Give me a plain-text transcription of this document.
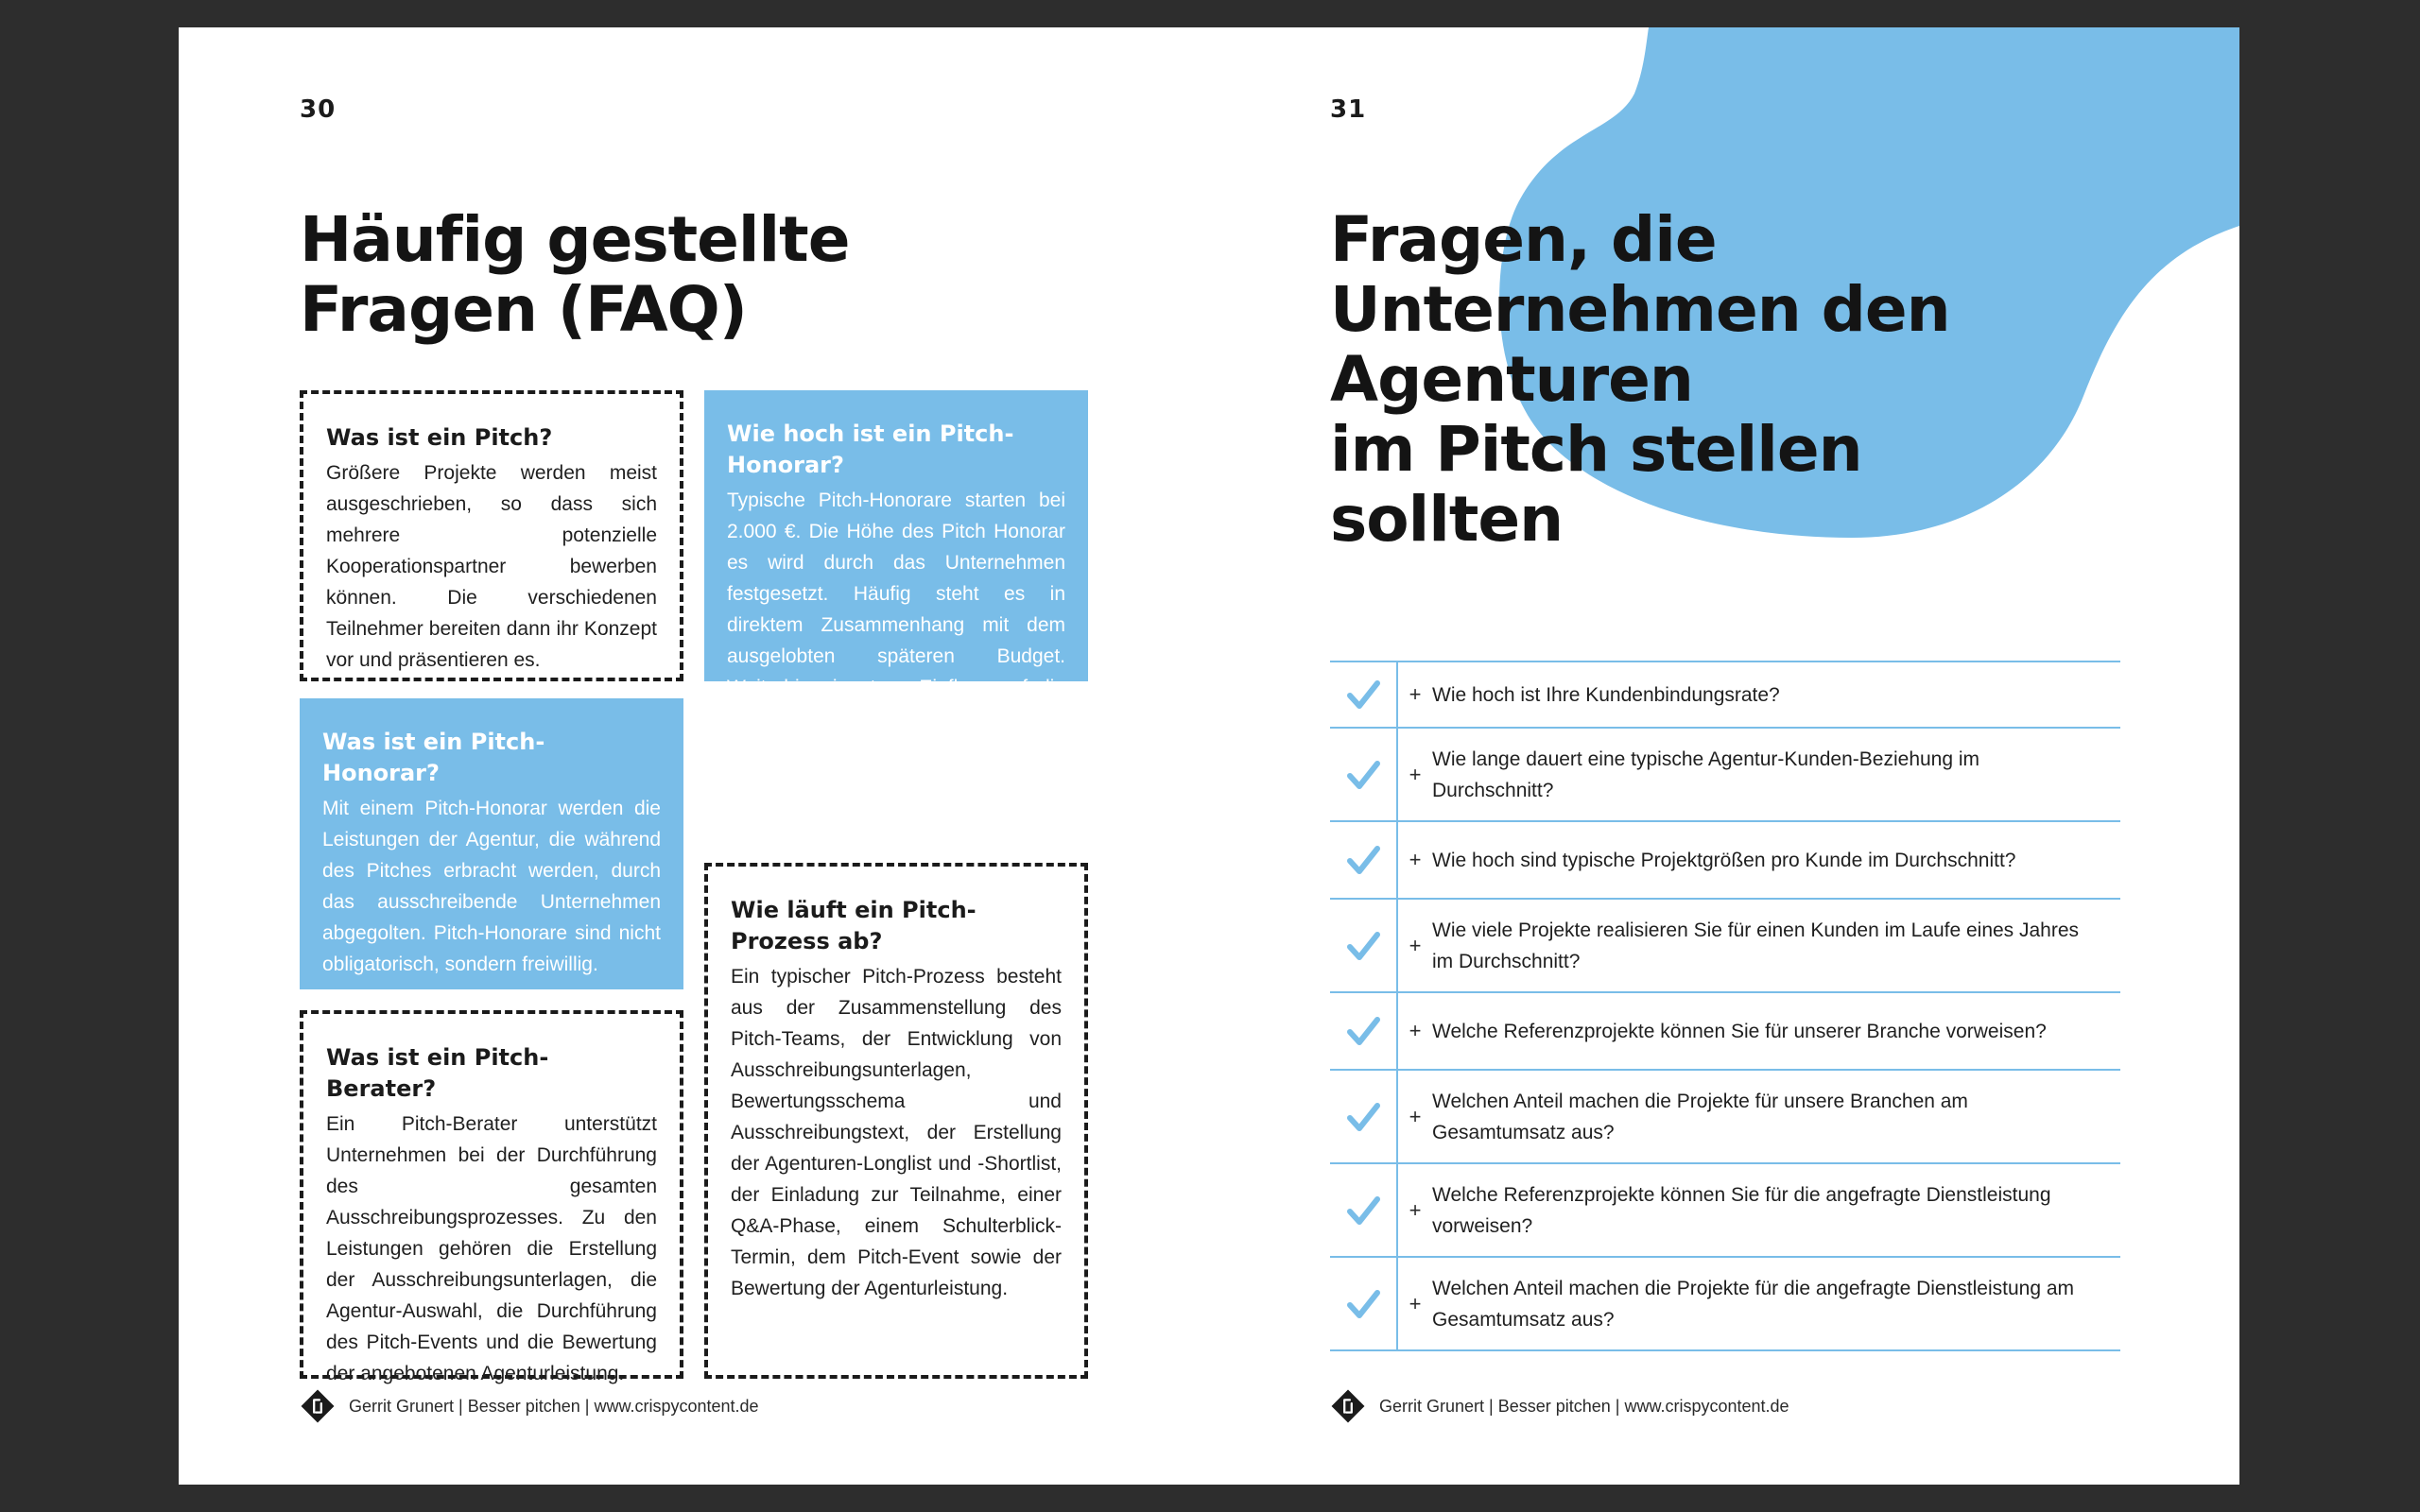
30
Häufig gestellte
Fragen (FAQ)
Was ist ein Pitch?

Größere Projekte werden meist ausgeschrieben, so dass sich mehrere potenzielle Kooperationspartner bewerben können. Die verschiedenen Teilnehmer bereiten dann ihr Konzept vor und präsentieren es.

Wie hoch ist ein Pitch-Honorar?

Typische Pitch-Honorare starten bei 2.000 €. Die Höhe des Pitch Honorar es wird durch das Unternehmen festgesetzt. Häufig steht es in direktem Zusammenhang mit dem ausgelobten späteren Budget. Weiterhin nimmt es Einfluss auf die Bereitschaft der Agenturen, an einem Pitch teilzunehmen.

Was ist ein Pitch-Honorar?

Mit einem Pitch-Honorar werden die Leistungen der Agentur, die während des Pitches erbracht werden, durch das ausschreibende Unternehmen abgegolten. Pitch-Honorare sind nicht obligatorisch, sondern freiwillig.

Wie läuft ein Pitch-Prozess ab?

Ein typischer Pitch-Prozess besteht aus der Zusammenstellung des Pitch-Teams, der Entwicklung von Ausschreibungsunterlagen, Bewertungsschema und Ausschreibungstext, der Erstellung der Agenturen-Longlist und -Shortlist, der Einladung zur Teilnahme, einer Q&A-Phase, einem Schulterblick-Termin, dem Pitch-Event sowie der Bewertung der Agenturleistung.

Was ist ein Pitch-Berater?

Ein Pitch-Berater unterstützt Unternehmen bei der Durchführung des gesamten Ausschreibungsprozesses. Zu den Leistungen gehören die Erstellung der Ausschreibungsunterlagen, die Agentur-Auswahl, die Durchführung des Pitch-Events und die Bewertung der angebotenen Agenturleistung.

Gerrit Grunert | Besser pitchen | www.crispycontent.de
31
Fragen, die
Unternehmen den
Agenturen
im Pitch stellen
sollten
+ Wie hoch ist Ihre Kundenbindungsrate?
+
Wie lange dauert eine typische Agentur-Kunden-Beziehung im Durchschnitt?
+ Wie hoch sind typische Projektgrößen pro Kunde im Durchschnitt?
+
Wie viele Projekte realisieren Sie für einen Kunden im Laufe eines Jahres im Durchschnitt?
+ Welche Referenzprojekte können Sie für unserer Branche vorweisen?
+
Welchen Anteil machen die Projekte für unsere Branchen am Gesamtumsatz aus?
+
Welche Referenzprojekte können Sie für die angefragte Dienstleistung vorweisen?
+
Welchen Anteil machen die Projekte für die angefragte Dienstleistung am Gesamtumsatz aus?
Gerrit Grunert | Besser pitchen | www.crispycontent.de
